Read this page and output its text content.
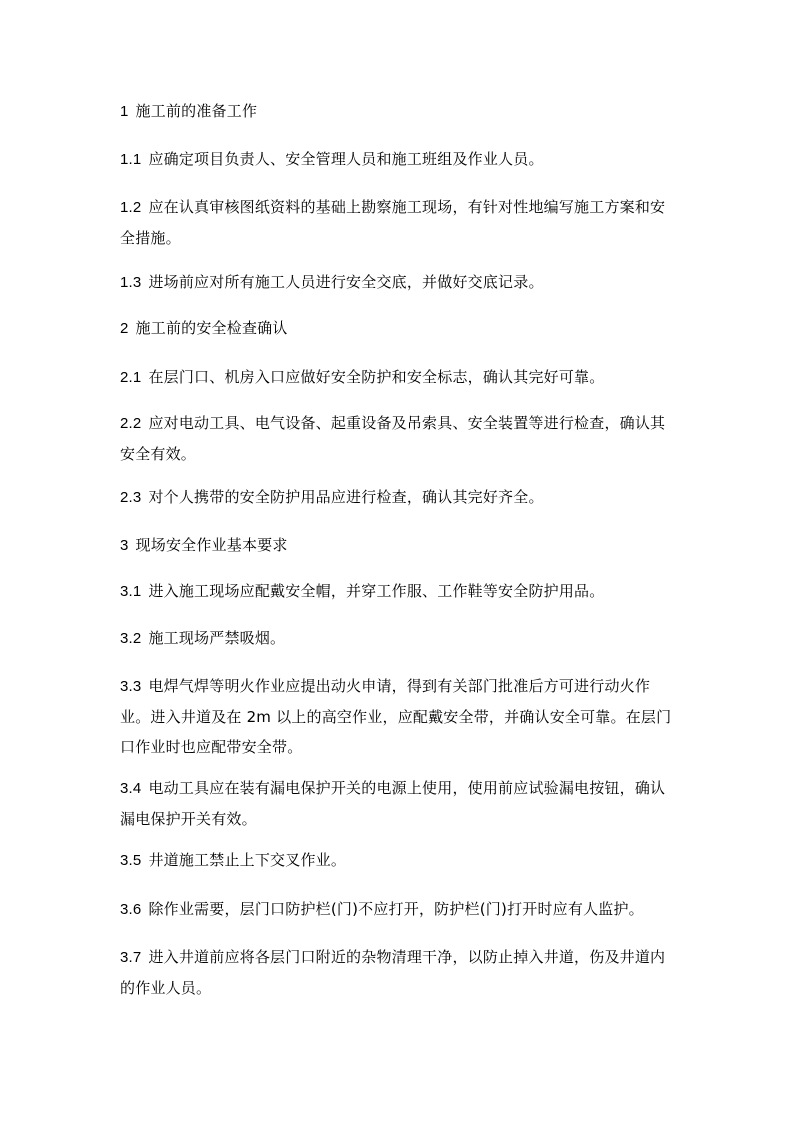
1 施工前的准备工作

1.1 应确定项目负责人、安全管理人员和施工班组及作业人员。

1.2 应在认真审核图纸资料的基础上勘察施工现场，有针对性地编写施工方案和安全措施。

1.3 进场前应对所有施工人员进行安全交底，并做好交底记录。

2 施工前的安全检查确认

2.1 在层门口、机房入口应做好安全防护和安全标志，确认其完好可靠。

2.2 应对电动工具、电气设备、起重设备及吊索具、安全装置等进行检查，确认其安全有效。

2.3 对个人携带的安全防护用品应进行检查，确认其完好齐全。

3 现场安全作业基本要求

3.1 进入施工现场应配戴安全帽，并穿工作服、工作鞋等安全防护用品。

3.2 施工现场严禁吸烟。

3.3 电焊气焊等明火作业应提出动火申请，得到有关部门批准后方可进行动火作业。进入井道及在 2m 以上的高空作业，应配戴安全带，并确认安全可靠。在层门口作业时也应配带安全带。

3.4 电动工具应在装有漏电保护开关的电源上使用，使用前应试验漏电按钮，确认漏电保护开关有效。

3.5 井道施工禁止上下交叉作业。

3.6 除作业需要，层门口防护栏(门)不应打开，防护栏(门)打开时应有人监护。

3.7 进入井道前应将各层门口附近的杂物清理干净，以防止掉入井道，伤及井道内的作业人员。
